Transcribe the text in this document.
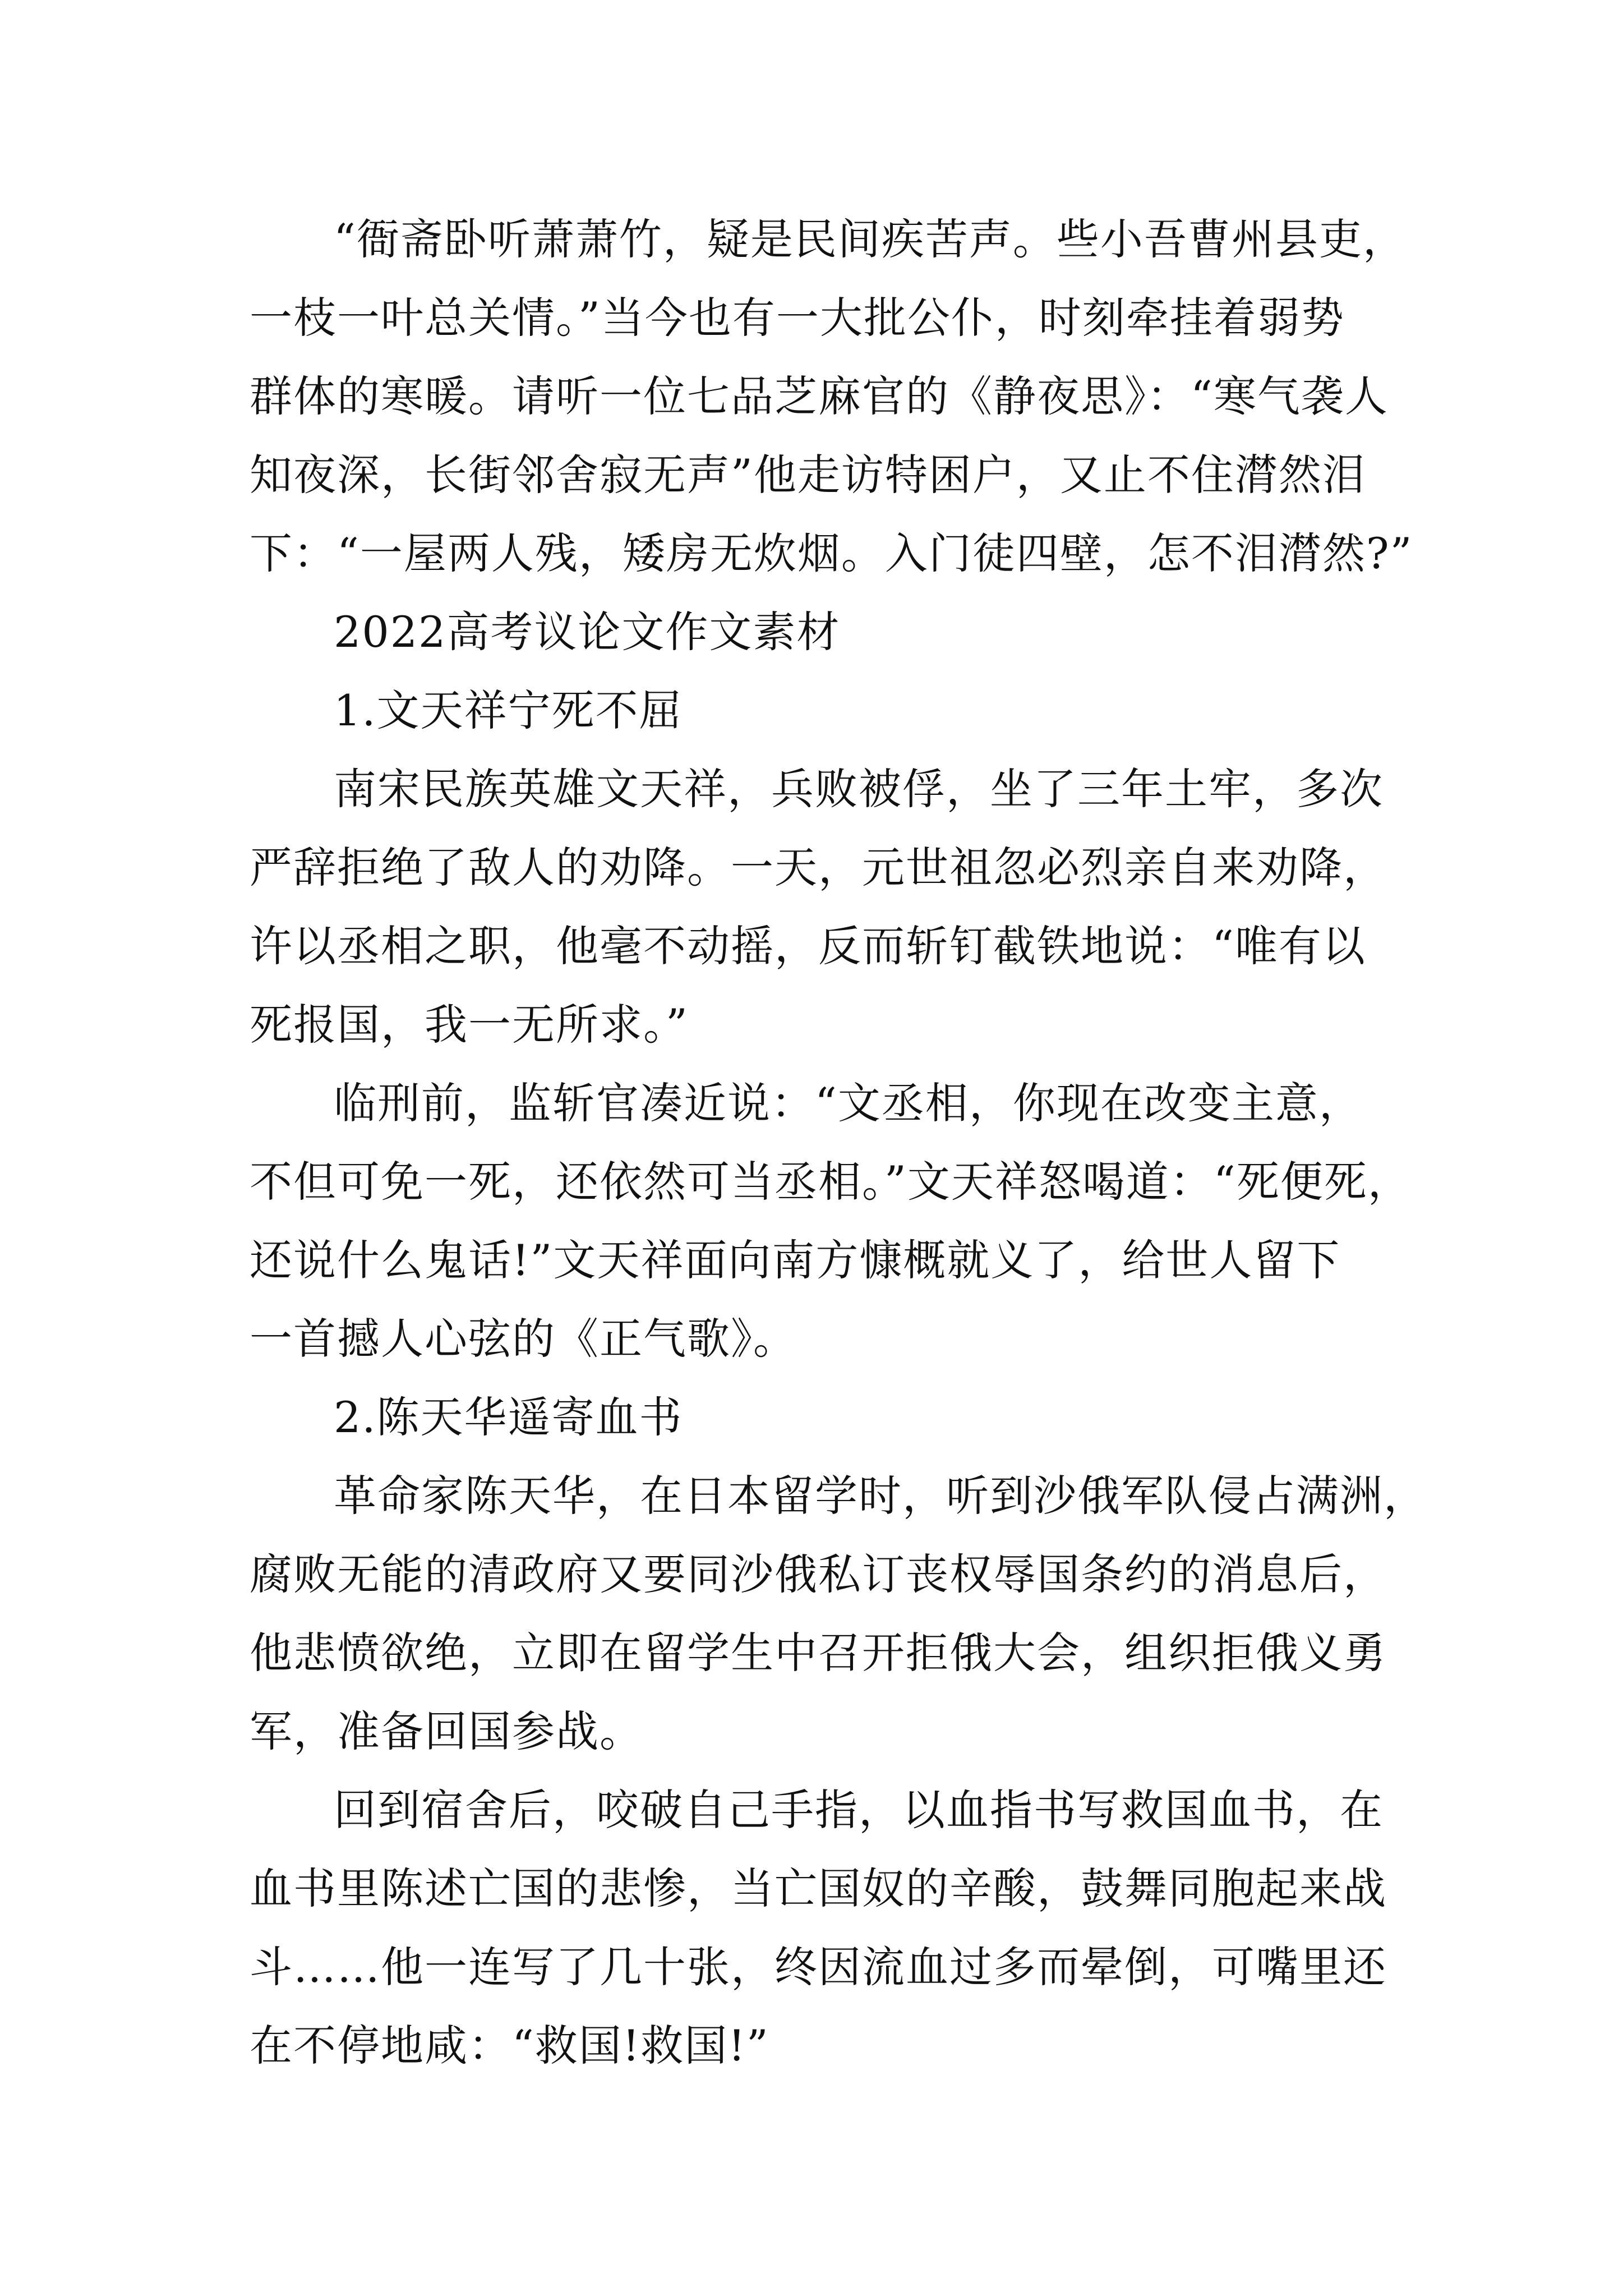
“衙斋卧听萧萧竹，疑是民间疾苦声。些小吾曹州县吏，
一枝一叶总关情。”当今也有一大批公仆，时刻牵挂着弱势
群体的寒暖。请听一位七品芝麻官的《静夜思》：“寒气袭人
知夜深，长街邻舍寂无声”他走访特困户，又止不住潸然泪
下：“一屋两人残，矮房无炊烟。入门徒四壁，怎不泪潸然?”
2022高考议论文作文素材
1.文天祥宁死不屈
南宋民族英雄文天祥，兵败被俘，坐了三年土牢，多次
严辞拒绝了敌人的劝降。一天，元世祖忽必烈亲自来劝降，
许以丞相之职，他毫不动摇，反而斩钉截铁地说：“唯有以
死报国，我一无所求。”
临刑前，监斩官凑近说：“文丞相，你现在改变主意，
不但可免一死，还依然可当丞相。”文天祥怒喝道：“死便死，
还说什么鬼话!”文天祥面向南方慷概就义了，给世人留下
一首撼人心弦的《正气歌》。
2.陈天华遥寄血书
革命家陈天华，在日本留学时，听到沙俄军队侵占满洲，
腐败无能的清政府又要同沙俄私订丧权辱国条约的消息后，
他悲愤欲绝，立即在留学生中召开拒俄大会，组织拒俄义勇
军，准备回国参战。
回到宿舍后，咬破自己手指，以血指书写救国血书，在
血书里陈述亡国的悲惨，当亡国奴的辛酸，鼓舞同胞起来战
斗……他一连写了几十张，终因流血过多而晕倒，可嘴里还
在不停地咸：“救国!救国!”
